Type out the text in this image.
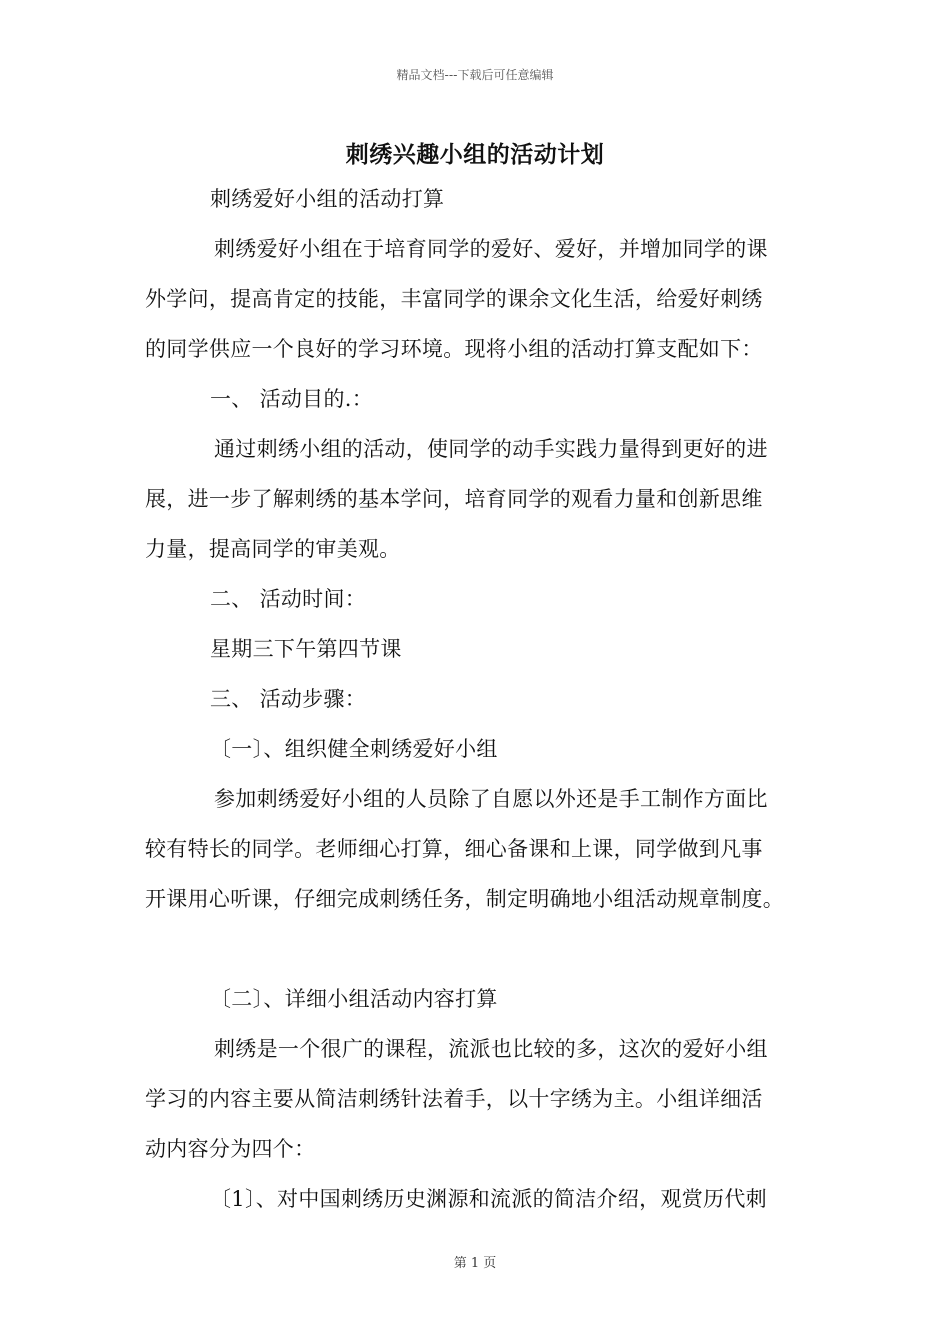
精品文档---下载后可任意编辑
刺绣兴趣小组的活动计划
刺绣爱好小组的活动打算
刺绣爱好小组在于培育同学的爱好、爱好，并增加同学的课
外学问，提高肯定的技能，丰富同学的课余文化生活，给爱好刺绣
的同学供应一个良好的学习环境。现将小组的活动打算支配如下：
一、 活动目的.：
通过刺绣小组的活动，使同学的动手实践力量得到更好的进
展，进一步了解刺绣的基本学问，培育同学的观看力量和创新思维
力量，提高同学的审美观。
二、 活动时间：
星期三下午第四节课
三、 活动步骤：
〔一〕、组织健全刺绣爱好小组
参加刺绣爱好小组的人员除了自愿以外还是手工制作方面比
较有特长的同学。老师细心打算，细心备课和上课，同学做到凡事
开课用心听课，仔细完成刺绣任务，制定明确地小组活动规章制度。
〔二〕、详细小组活动内容打算
刺绣是一个很广的课程，流派也比较的多，这次的爱好小组
学习的内容主要从简洁刺绣针法着手，以十字绣为主。小组详细活
动内容分为四个：
〔1〕、对中国刺绣历史渊源和流派的简洁介绍，观赏历代刺
第 1 页
